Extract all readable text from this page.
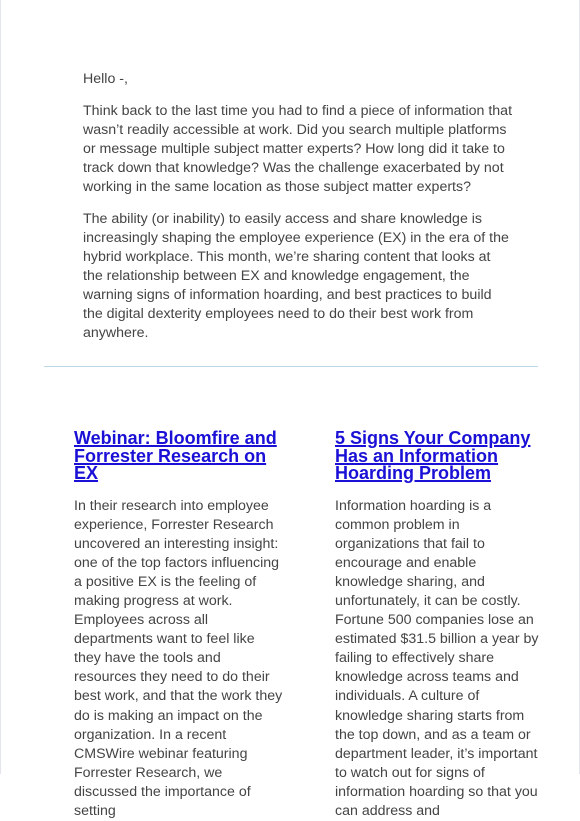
Hello -,

Think back to the last time you had to find a piece of information that wasn’t readily accessible at work. Did you search multiple platforms or message multiple subject matter experts? How long did it take to track down that knowledge? Was the challenge exacerbated by not working in the same location as those subject matter experts?

The ability (or inability) to easily access and share knowledge is increasingly shaping the employee experience (EX) in the era of the hybrid workplace. This month, we’re sharing content that looks at the relationship between EX and knowledge engagement, the warning signs of information hoarding, and best practices to build the digital dexterity employees need to do their best work from anywhere.

Webinar: Bloomfire and Forrester Research on EX

In their research into employee experience, Forrester Research uncovered an interesting insight: one of the top factors influencing a positive EX is the feeling of making progress at work. Employees across all departments want to feel like they have the tools and resources they need to do their best work, and that the work they do is making an impact on the organization. In a recent CMSWire webinar featuring Forrester Research, we discussed the importance of setting

5 Signs Your Company Has an Information Hoarding Problem

Information hoarding is a common problem in organizations that fail to encourage and enable knowledge sharing, and unfortunately, it can be costly. Fortune 500 companies lose an estimated $31.5 billion a year by failing to effectively share knowledge across teams and individuals. A culture of knowledge sharing starts from the top down, and as a team or department leader, it’s important to watch out for signs of information hoarding so that you can address and
